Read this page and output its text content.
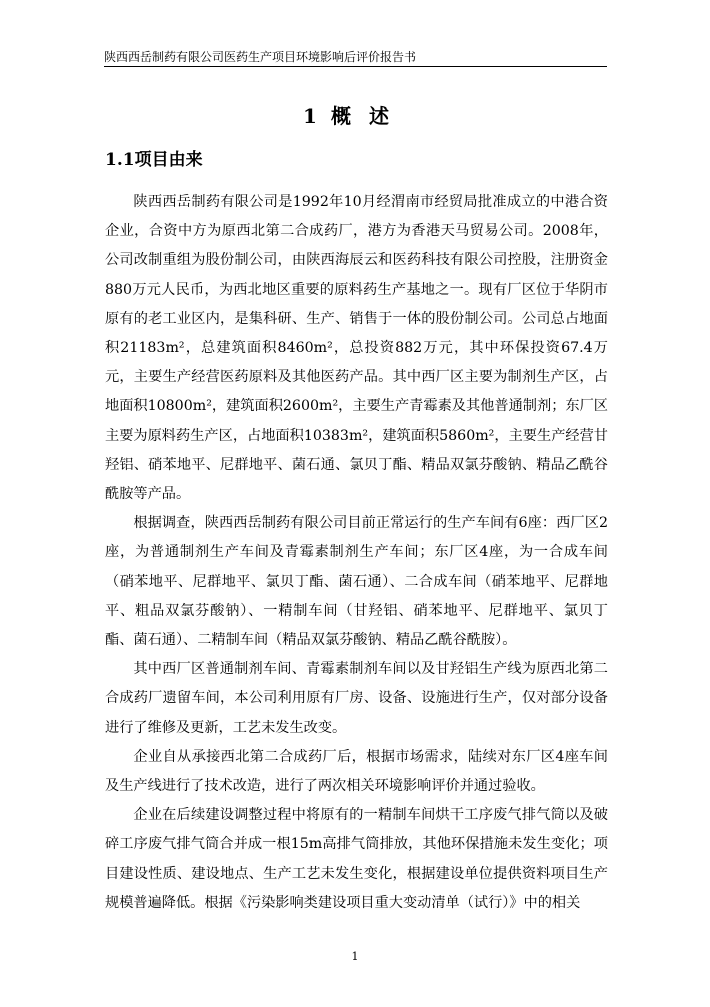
陕西西岳制药有限公司医药生产项目环境影响后评价报告书
1 概述
1.1项目由来

陕西西岳制药有限公司是1992年10月经渭南市经贸局批准成立的中港合资企业，合资中方为原西北第二合成药厂，港方为香港天马贸易公司。2008年，公司改制重组为股份制公司，由陕西海辰云和医药科技有限公司控股，注册资金880万元人民币，为西北地区重要的原料药生产基地之一。现有厂区位于华阴市原有的老工业区内，是集科研、生产、销售于一体的股份制公司。公司总占地面积21183m²，总建筑面积8460m²，总投资882万元，其中环保投资67.4万元，主要生产经营医药原料及其他医药产品。其中西厂区主要为制剂生产区，占地面积10800m²，建筑面积2600m²，主要生产青霉素及其他普通制剂；东厂区主要为原料药生产区，占地面积10383m²，建筑面积5860m²，主要生产经营甘羟铝、硝苯地平、尼群地平、菌石通、氯贝丁酯、精品双氯芬酸钠、精品乙酰谷酰胺等产品。

根据调查，陕西西岳制药有限公司目前正常运行的生产车间有6座：西厂区2座，为普通制剂生产车间及青霉素制剂生产车间；东厂区4座，为一合成车间（硝苯地平、尼群地平、氯贝丁酯、菌石通）、二合成车间（硝苯地平、尼群地平、粗品双氯芬酸钠）、一精制车间（甘羟铝、硝苯地平、尼群地平、氯贝丁酯、菌石通）、二精制车间（精品双氯芬酸钠、精品乙酰谷酰胺）。

其中西厂区普通制剂车间、青霉素制剂车间以及甘羟铝生产线为原西北第二合成药厂遗留车间，本公司利用原有厂房、设备、设施进行生产，仅对部分设备进行了维修及更新，工艺未发生改变。

企业自从承接西北第二合成药厂后，根据市场需求，陆续对东厂区4座车间及生产线进行了技术改造，进行了两次相关环境影响评价并通过验收。

企业在后续建设调整过程中将原有的一精制车间烘干工序废气排气筒以及破碎工序废气排气筒合并成一根15m高排气筒排放，其他环保措施未发生变化；项目建设性质、建设地点、生产工艺未发生变化，根据建设单位提供资料项目生产规模普遍降低。根据《污染影响类建设项目重大变动清单（试行）》中的相关

1
